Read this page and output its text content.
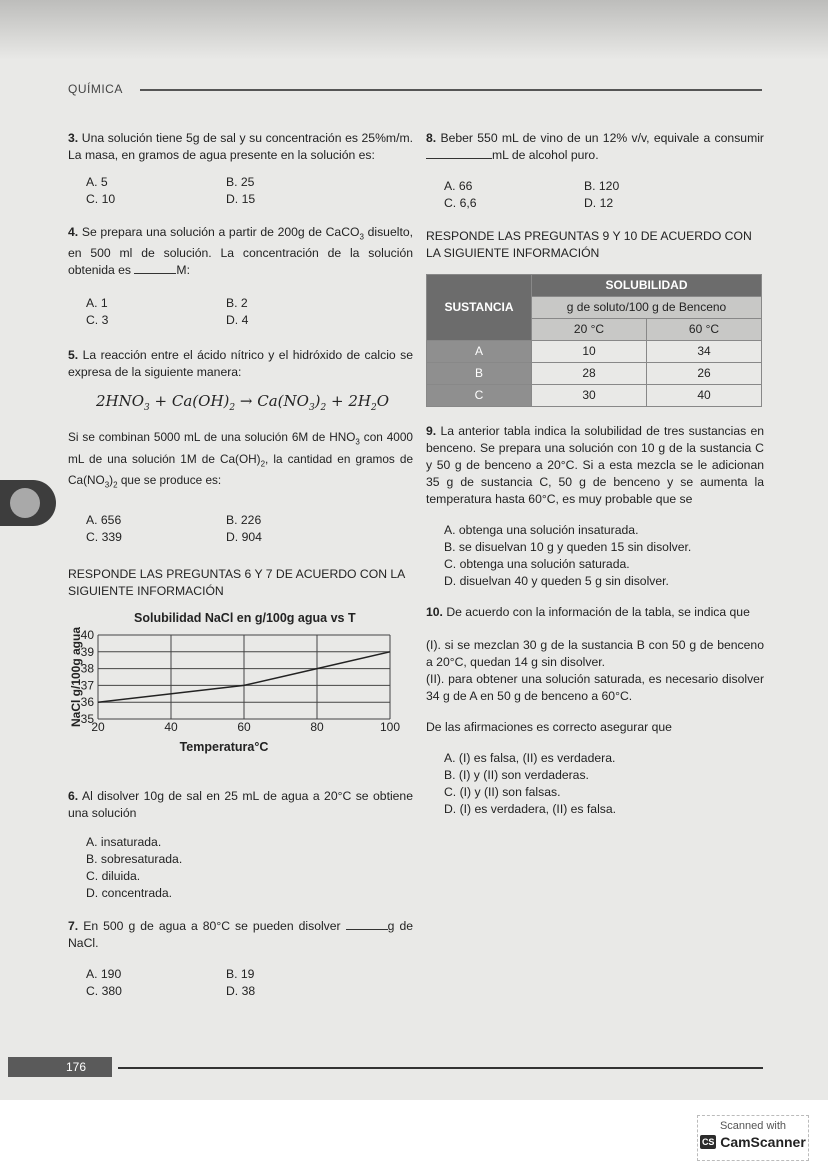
QUÍMICA

3. Una solución tiene 5g de sal y su concentración es 25%m/m. La masa, en gramos de agua presente en la solución es:

A. 5	B. 25
C. 10	D. 15

4. Se prepara una solución a partir de 200g de CaCO$_3$ disuelto, en 500 ml de solución. La concentración de la solución obtenida es	M:

A. 1	B. 2
C. 3	D. 4

5. La reacción entre el ácido nítrico y el hidróxido de calcio se expresa de la siguiente manera:

$2HNO_3 + Ca(OH)_2 \to Ca(NO_3)_2 + 2H_2O$

Si se combinan 5000 mL de una solución 6M de $HNO_3$ con 4000 mL de una solución 1M de $Ca(OH)_2$, la cantidad en gramos de $Ca(NO_3)_2$ que se produce es:

A. 656	B. 226
C. 339	D. 904

RESPONDE LAS PREGUNTAS 6 Y 7 DE ACUERDO CON LA SIGUIENTE INFORMACIÓN

Solubilidad NaCl en g/100g agua vs T
35
36
37
38
39
40
20	40	60	80	100
NaCl g/100g agua
Temperatura°C

6. Al disolver 10g de sal en 25 mL de agua a 20°C se obtiene una solución

A. insaturada.
B. sobresaturada.
C. diluida.
D. concentrada.

7. En 500 g de agua a 80°C se pueden disolver	g de NaCl.

A. 190	B. 19
C. 380	D. 38

8. Beber 550 mL de vino de un 12% v/v, equivale a consumir mL de alcohol puro.

A. 66	B. 120
C. 6,6	D. 12

RESPONDE LAS PREGUNTAS 9 Y 10 DE ACUERDO CON LA SIGUIENTE INFORMACIÓN

SUSTANCIA	SOLUBILIDAD	
	g de soluto/100 g de Benceno	
	20 °C	60 °C
A	10	34
B	28	26
C	30	40

9. La anterior tabla indica la solubilidad de tres sustancias en benceno. Se prepara una solución con 10 g de la sustancia C y 50 g de benceno a 20°C. Si a esta mezcla se le adicionan 35 g de sustancia C, 50 g de benceno y se aumenta la temperatura hasta 60°C, es muy probable que se

A. obtenga una solución insaturada.
B. se disuelvan 10 g y queden 15 sin disolver.
C. obtenga una solución saturada.
D. disuelvan 40 y queden 5 g sin disolver.

10. De acuerdo con la información de la tabla, se indica que

(I). si se mezclan 30 g de la sustancia B con 50 g de benceno a 20°C, quedan 14 g sin disolver.

(II). para obtener una solución saturada, es necesario disolver 34 g de A en 50 g de benceno a 60°C.

De las afirmaciones es correcto asegurar que

A. (I) es falsa, (II) es verdadera.
B. (I) y (II) son verdaderas.
C. (I) y (II) son falsas.
D. (I) es verdadera, (II) es falsa.
176
Scanned with
CS CamScanner
